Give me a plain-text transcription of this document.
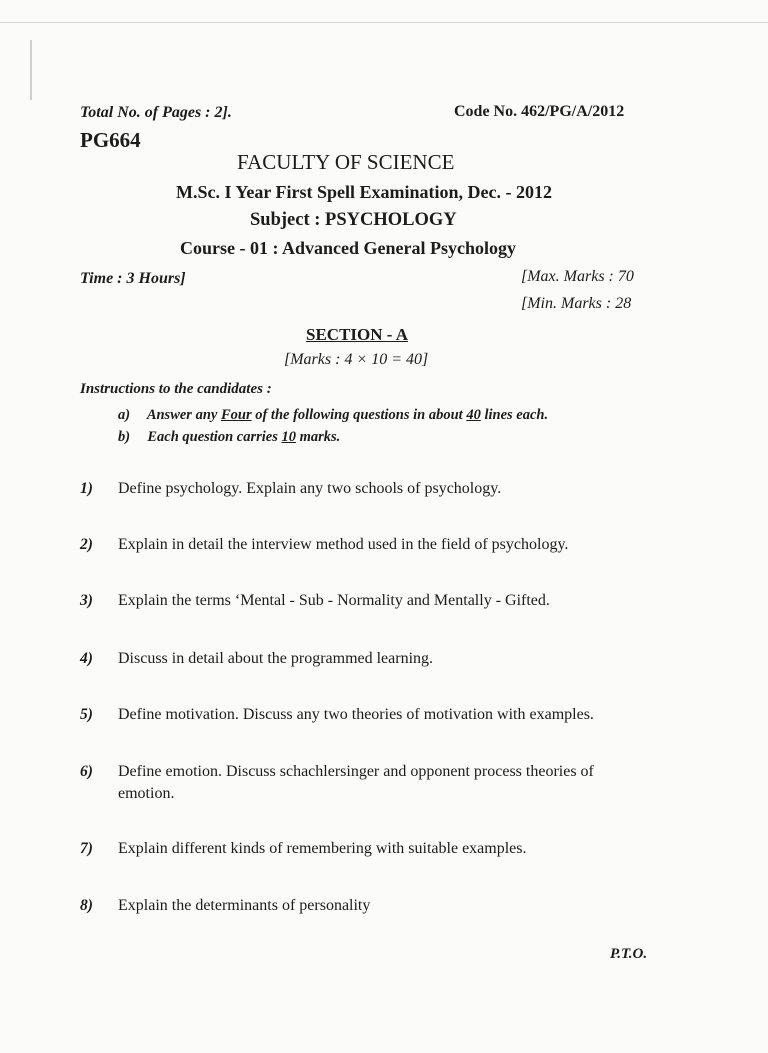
Total No. of Pages : 2].	Code No. 462/PG/A/2012
PG664
FACULTY OF SCIENCE
M.Sc. I Year First Spell Examination, Dec. - 2012
Subject : PSYCHOLOGY
Course - 01 : Advanced General Psychology
Time : 3 Hours]	[Max. Marks : 70
[Min. Marks : 28
SECTION - A
[Marks : 4 × 10 = 40]
Instructions to the candidates :
a) Answer any Four of the following questions in about 40 lines each.
b) Each question carries 10 marks.
1) Define psychology. Explain any two schools of psychology.
2) Explain in detail the interview method used in the field of psychology.
3) Explain the terms ‘Mental - Sub - Normality and Mentally - Gifted.
4) Discuss in detail about the programmed learning.
5) Define motivation. Discuss any two theories of motivation with examples.
6) Define emotion. Discuss schachlersinger and opponent process theories of
emotion.
7) Explain different kinds of remembering with suitable examples.
8) Explain the determinants of personality
P.T.O.
